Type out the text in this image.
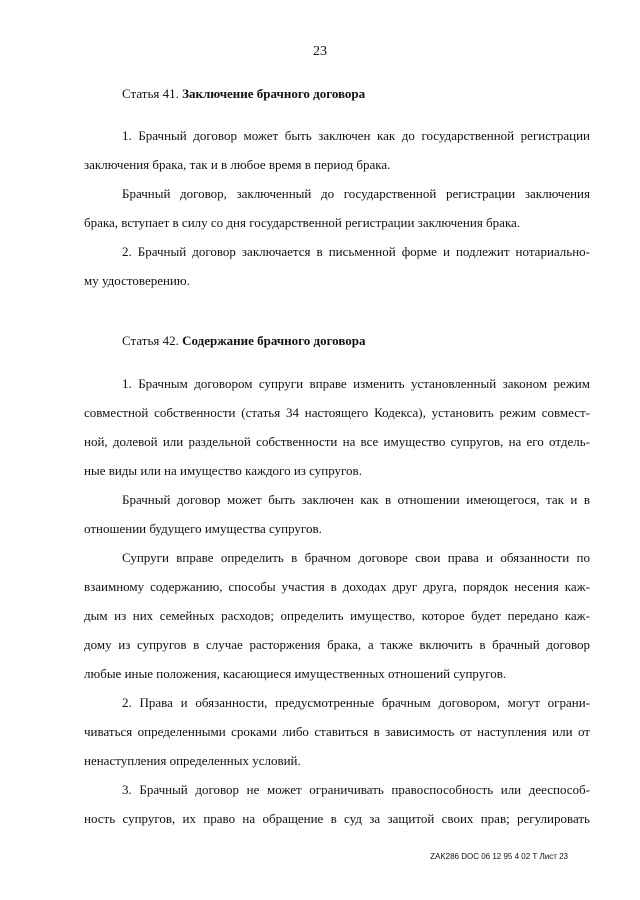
23
Статья 41. Заключение брачного договора
1. Брачный договор может быть заключен как до государственной регистрации
заключения брака, так и в любое время в период брака.
Брачный договор, заключенный до государственной регистрации заключения
брака, вступает в силу со дня государственной регистрации заключения брака.
2. Брачный договор заключается в письменной форме и подлежит нотариально-
му удостоверению.
Статья 42. Содержание брачного договора
1. Брачным договором супруги вправе изменить установленный законом режим
совместной собственности (статья 34 настоящего Кодекса), установить режим совмест-
ной, долевой или раздельной собственности на все имущество супругов, на его отдель-
ные виды или на имущество каждого из супругов.
Брачный договор может быть заключен как в отношении имеющегося, так и в
отношении будущего имущества супругов.
Супруги вправе определить в брачном договоре свои права и обязанности по
взаимному содержанию, способы участия в доходах друг друга, порядок несения каж-
дым из них семейных расходов; определить имущество, которое будет передано каж-
дому из супругов в случае расторжения брака, а также включить в брачный договор
любые иные положения, касающиеся имущественных отношений супругов.
2. Права и обязанности, предусмотренные брачным договором, могут ограни-
чиваться определенными сроками либо ставиться в зависимость от наступления или от
ненаступления определенных условий.
3. Брачный договор не может ограничивать правоспособность или дееспособ-
ность супругов, их право на обращение в суд за защитой своих прав; регулировать
ZAK286 DOC 06 12 95 4 02 Т Лист 23
